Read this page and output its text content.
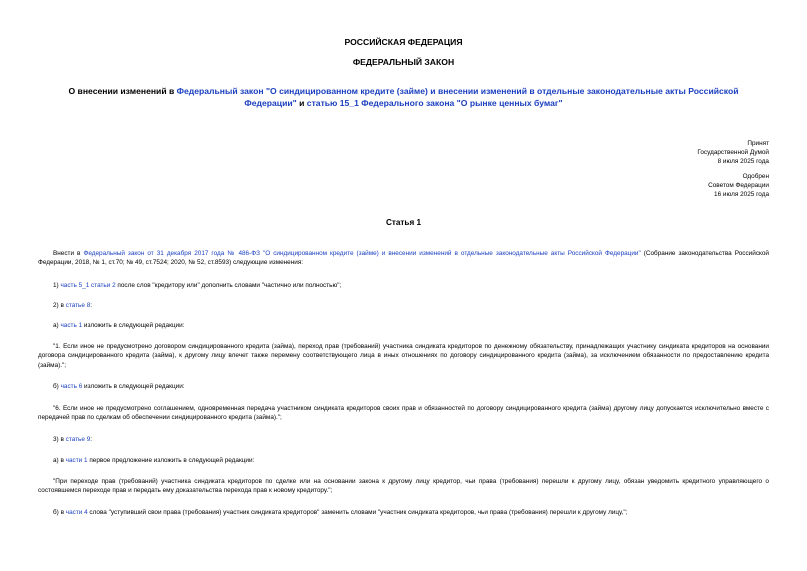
РОССИЙСКАЯ ФЕДЕРАЦИЯ
ФЕДЕРАЛЬНЫЙ ЗАКОН
О внесении изменений в Федеральный закон "О синдицированном кредите (займе) и внесении изменений в отдельные законодательные акты Российской Федерации" и статью 15_1 Федерального закона "О рынке ценных бумаг"
Принят
Государственной Думой
8 июля 2025 года
Одобрен
Советом Федерации
16 июля 2025 года
Статья 1
Внести в Федеральный закон от 31 декабря 2017 года № 486-ФЗ "О синдицированном кредите (займе) и внесении изменений в отдельные законодательные акты Российской Федерации" (Собрание законодательства Российской Федерации, 2018, № 1, ст.70; № 49, ст.7524; 2020, № 52, ст.8593) следующие изменения:
1) часть 5_1 статьи 2 после слов "кредитору или" дополнить словами "частично или полностью";
2) в статье 8:
а) часть 1 изложить в следующей редакции:
"1. Если иное не предусмотрено договором синдицированного кредита (займа), переход прав (требований) участника синдиката кредиторов по денежному обязательству, принадлежащих участнику синдиката кредиторов на основании договора синдицированного кредита (займа), к другому лицу влечет также перемену соответствующего лица в иных отношениях по договору синдицированного кредита (займа), за исключением обязанности по предоставлению кредита (займа).";
б) часть 6 изложить в следующей редакции:
"6. Если иное не предусмотрено соглашением, одновременная передача участником синдиката кредиторов своих прав и обязанностей по договору синдицированного кредита (займа) другому лицу допускается исключительно вместе с передачей прав по сделкам об обеспечении синдицированного кредита (займа).";
3) в статье 9:
а) в части 1 первое предложение изложить в следующей редакции:
"При переходе прав (требований) участника синдиката кредиторов по сделке или на основании закона к другому лицу кредитор, чьи права (требования) перешли к другому лицу, обязан уведомить кредитного управляющего о состоявшемся переходе прав и передать ему доказательства перехода прав к новому кредитору.";
б) в части 4 слова "уступивший свои права (требования) участник синдиката кредиторов" заменить словами "участник синдиката кредиторов, чьи права (требования) перешли к другому лицу,";
